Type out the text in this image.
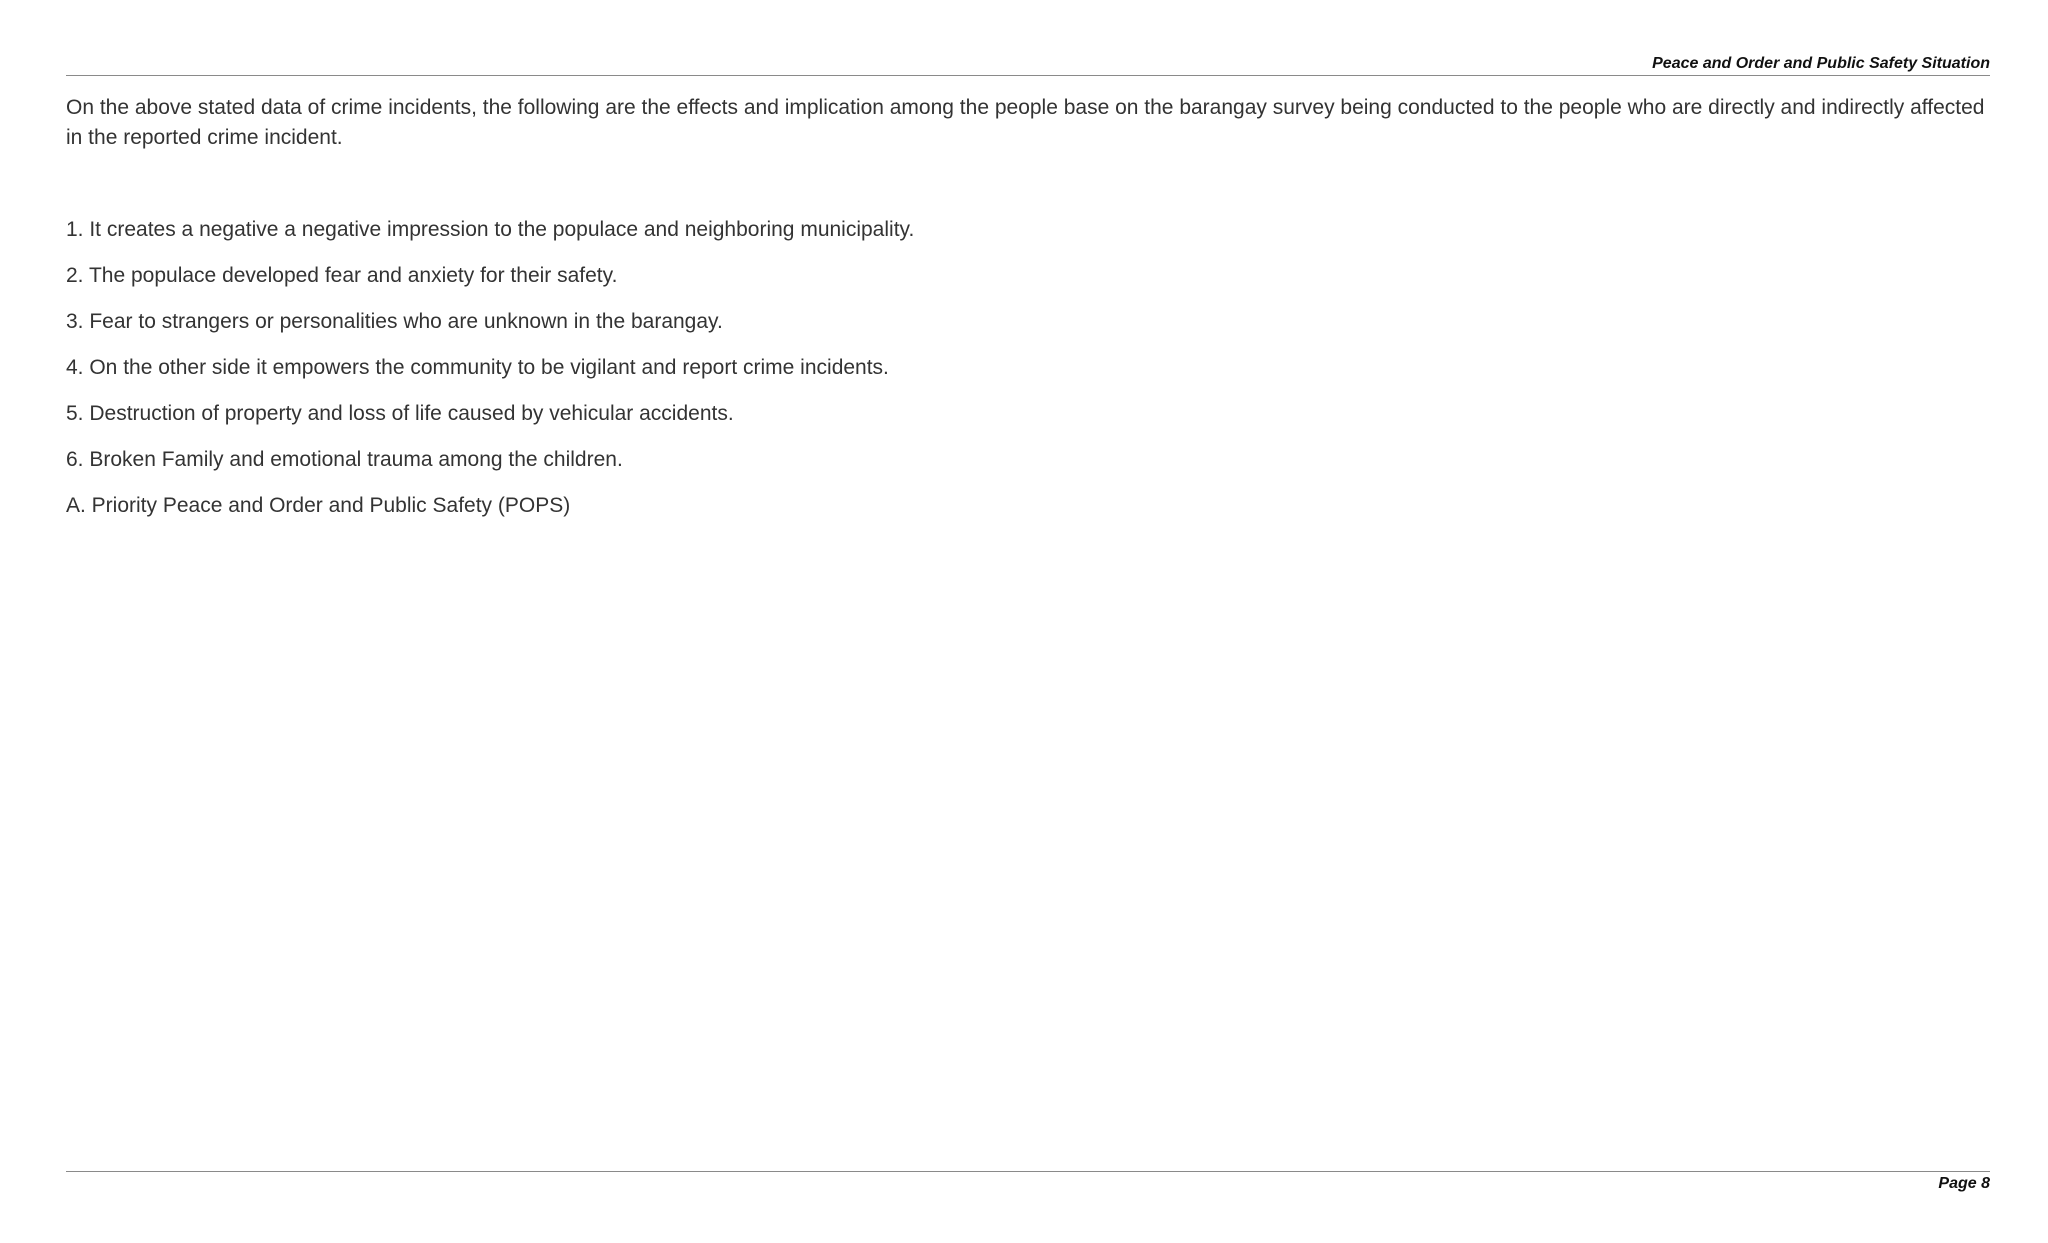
Peace and Order and Public Safety Situation

On the above stated data of crime incidents, the following are the effects and implication among the people base on the barangay survey being conducted to the people who are directly and indirectly affected in the reported crime incident.

1. It creates a negative a negative impression to the populace and neighboring municipality.
2. The populace developed fear and anxiety for their safety.
3. Fear to strangers or personalities who are unknown in the barangay.
4. On the other side it empowers the community to be vigilant and report crime incidents.
5. Destruction of property and loss of life caused by vehicular accidents.
6. Broken Family and emotional trauma among the children.
A. Priority Peace and Order and Public Safety (POPS)
Page 8
